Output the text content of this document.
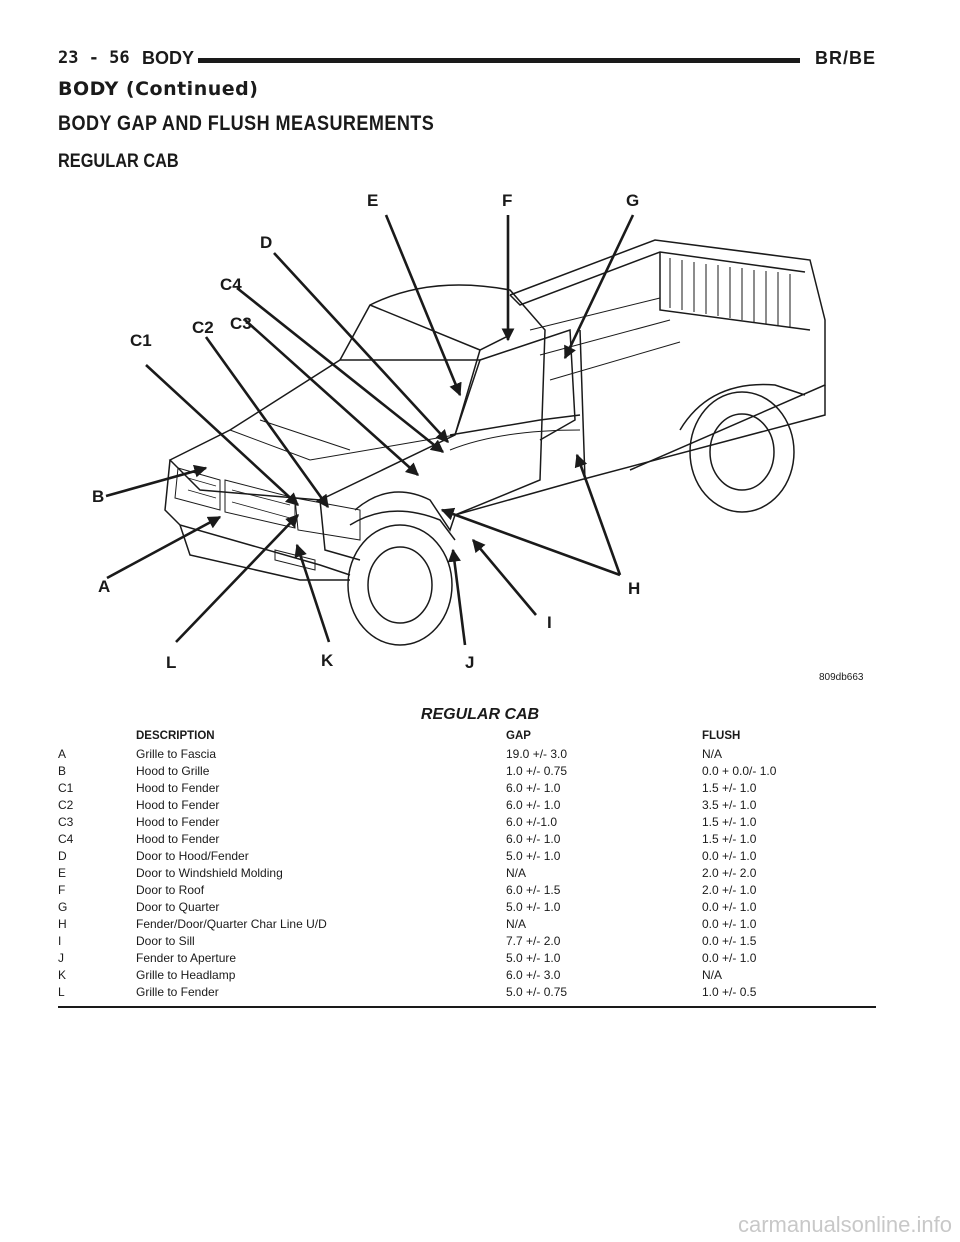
23 - 56 BODY	BR/BE
BODY (Continued)
BODY GAP AND FLUSH MEASUREMENTS
REGULAR CAB
E	F	G
D
C4
C3
C2
C1
B
A
L	K	J
I
H
809db663
REGULAR CAB
	DESCRIPTION	GAP	FLUSH
A	Grille to Fascia	19.0 +/- 3.0	N/A
B	Hood to Grille	1.0 +/- 0.75	0.0 + 0.0/- 1.0
C1	Hood to Fender	6.0 +/- 1.0	1.5 +/- 1.0
C2	Hood to Fender	6.0 +/- 1.0	3.5 +/- 1.0
C3	Hood to Fender	6.0 +/-1.0	1.5 +/- 1.0
C4	Hood to Fender	6.0 +/- 1.0	1.5 +/- 1.0
D	Door to Hood/Fender	5.0 +/- 1.0	0.0 +/- 1.0
E	Door to Windshield Molding	N/A	2.0 +/- 2.0
F	Door to Roof	6.0 +/- 1.5	2.0 +/- 1.0
G	Door to Quarter	5.0 +/- 1.0	0.0 +/- 1.0
H	Fender/Door/Quarter Char Line U/D	N/A	0.0 +/- 1.0
I	Door to Sill	7.7 +/- 2.0	0.0 +/- 1.5
J	Fender to Aperture	5.0 +/- 1.0	0.0 +/- 1.0
K	Grille to Headlamp	6.0 +/- 3.0	N/A
L	Grille to Fender	5.0 +/- 0.75	1.0 +/- 0.5
carmanualsonline.info
